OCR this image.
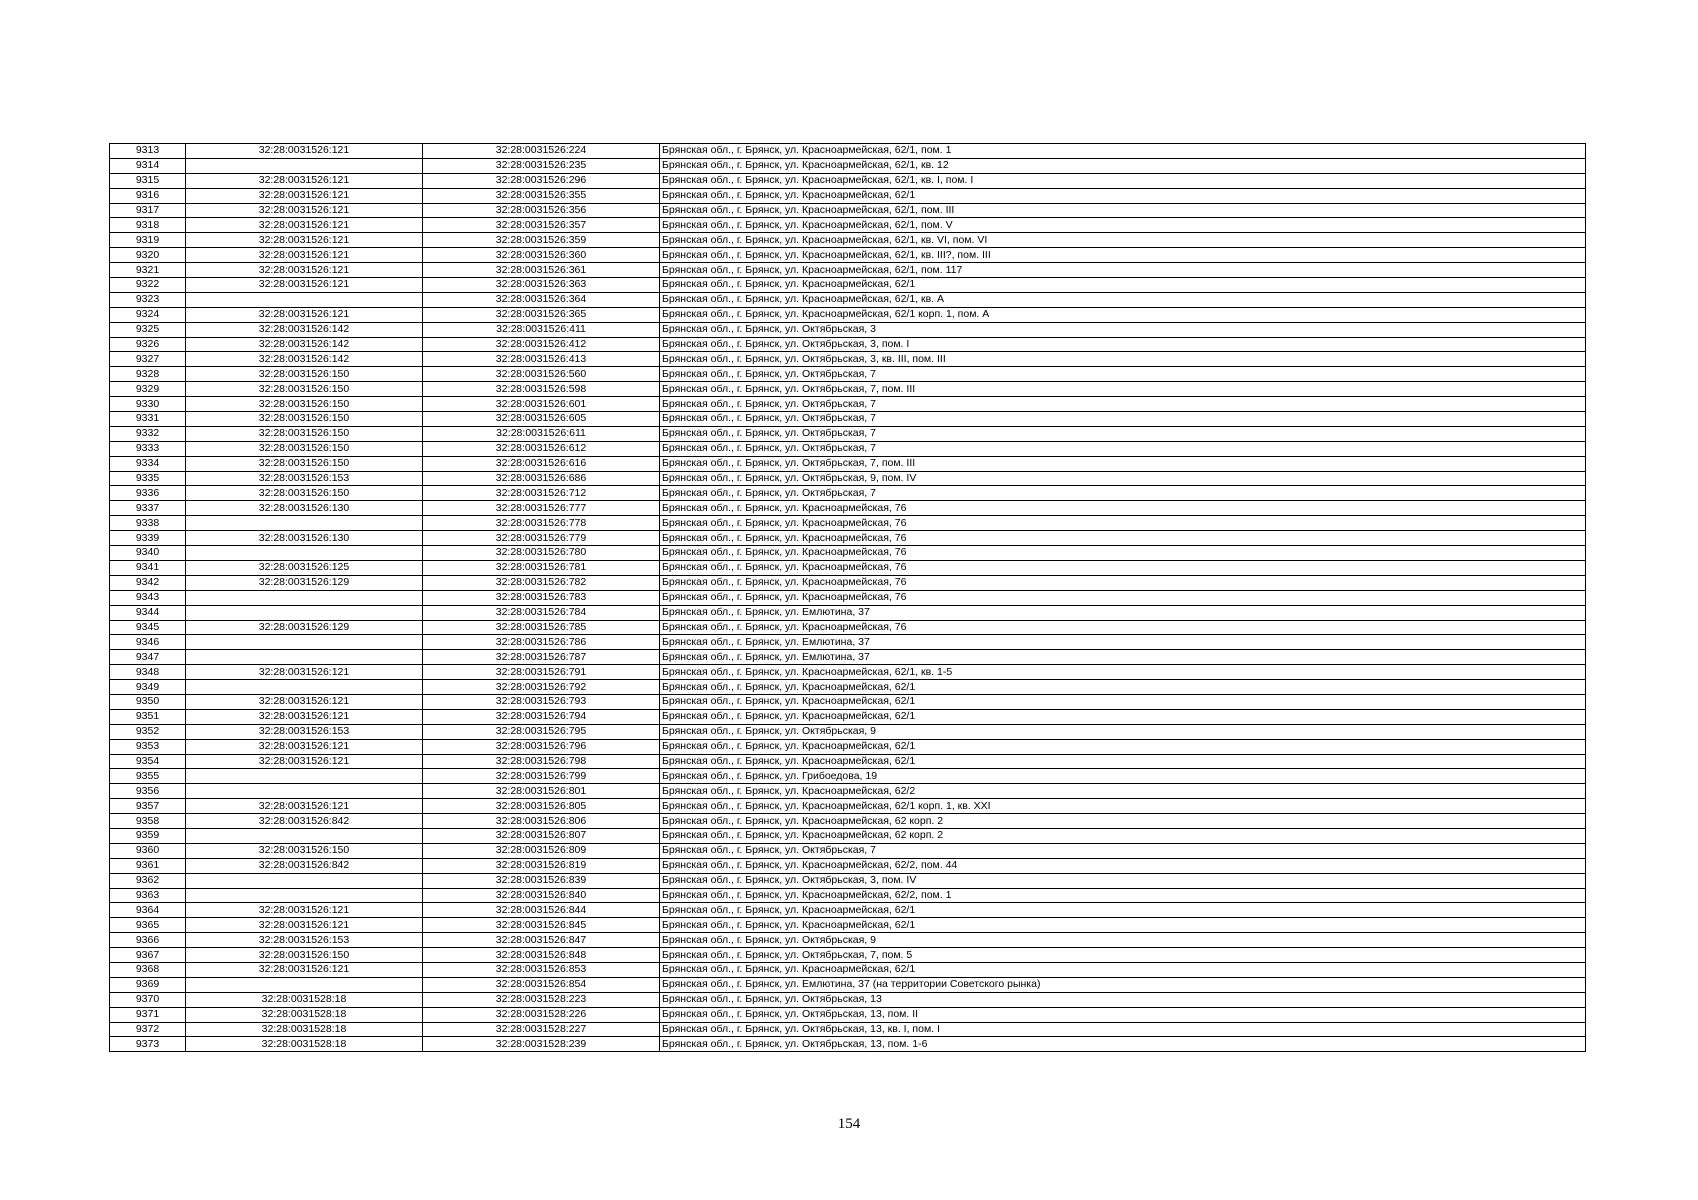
9313	32:28:0031526:121	32:28:0031526:224	Брянская обл., г. Брянск, ул. Красноармейская, 62/1, пом. 1
9314		32:28:0031526:235	Брянская обл., г. Брянск, ул. Красноармейская, 62/1, кв. 12
9315	32:28:0031526:121	32:28:0031526:296	Брянская обл., г. Брянск, ул. Красноармейская, 62/1, кв. I, пом. I
9316	32:28:0031526:121	32:28:0031526:355	Брянская обл., г. Брянск, ул. Красноармейская, 62/1
9317	32:28:0031526:121	32:28:0031526:356	Брянская обл., г. Брянск, ул. Красноармейская, 62/1, пом. III
9318	32:28:0031526:121	32:28:0031526:357	Брянская обл., г. Брянск, ул. Красноармейская, 62/1, пом. V
9319	32:28:0031526:121	32:28:0031526:359	Брянская обл., г. Брянск, ул. Красноармейская, 62/1, кв. VI, пом. VI
9320	32:28:0031526:121	32:28:0031526:360	Брянская обл., г. Брянск, ул. Красноармейская, 62/1, кв. III?, пом. III
9321	32:28:0031526:121	32:28:0031526:361	Брянская обл., г. Брянск, ул. Красноармейская, 62/1, пом. 117
9322	32:28:0031526:121	32:28:0031526:363	Брянская обл., г. Брянск, ул. Красноармейская, 62/1
9323		32:28:0031526:364	Брянская обл., г. Брянск, ул. Красноармейская, 62/1, кв. А
9324	32:28:0031526:121	32:28:0031526:365	Брянская обл., г. Брянск, ул. Красноармейская, 62/1 корп. 1, пом. А
9325	32:28:0031526:142	32:28:0031526:411	Брянская обл., г. Брянск, ул. Октябрьская, 3
9326	32:28:0031526:142	32:28:0031526:412	Брянская обл., г. Брянск, ул. Октябрьская, 3, пом. I
9327	32:28:0031526:142	32:28:0031526:413	Брянская обл., г. Брянск, ул. Октябрьская, 3, кв. III, пом. III
9328	32:28:0031526:150	32:28:0031526:560	Брянская обл., г. Брянск, ул. Октябрьская, 7
9329	32:28:0031526:150	32:28:0031526:598	Брянская обл., г. Брянск, ул. Октябрьская, 7, пом. III
9330	32:28:0031526:150	32:28:0031526:601	Брянская обл., г. Брянск, ул. Октябрьская, 7
9331	32:28:0031526:150	32:28:0031526:605	Брянская обл., г. Брянск, ул. Октябрьская, 7
9332	32:28:0031526:150	32:28:0031526:611	Брянская обл., г. Брянск, ул. Октябрьская, 7
9333	32:28:0031526:150	32:28:0031526:612	Брянская обл., г. Брянск, ул. Октябрьская, 7
9334	32:28:0031526:150	32:28:0031526:616	Брянская обл., г. Брянск, ул. Октябрьская, 7, пом. III
9335	32:28:0031526:153	32:28:0031526:686	Брянская обл., г. Брянск, ул. Октябрьская, 9, пом. IV
9336	32:28:0031526:150	32:28:0031526:712	Брянская обл., г. Брянск, ул. Октябрьская, 7
9337	32:28:0031526:130	32:28:0031526:777	Брянская обл., г. Брянск, ул. Красноармейская, 76
9338		32:28:0031526:778	Брянская обл., г. Брянск, ул. Красноармейская, 76
9339	32:28:0031526:130	32:28:0031526:779	Брянская обл., г. Брянск, ул. Красноармейская, 76
9340		32:28:0031526:780	Брянская обл., г. Брянск, ул. Красноармейская, 76
9341	32:28:0031526:125	32:28:0031526:781	Брянская обл., г. Брянск, ул. Красноармейская, 76
9342	32:28:0031526:129	32:28:0031526:782	Брянская обл., г. Брянск, ул. Красноармейская, 76
9343		32:28:0031526:783	Брянская обл., г. Брянск, ул. Красноармейская, 76
9344		32:28:0031526:784	Брянская обл., г. Брянск, ул. Емлютина, 37
9345	32:28:0031526:129	32:28:0031526:785	Брянская обл., г. Брянск, ул. Красноармейская, 76
9346		32:28:0031526:786	Брянская обл., г. Брянск, ул. Емлютина, 37
9347		32:28:0031526:787	Брянская обл., г. Брянск, ул. Емлютина, 37
9348	32:28:0031526:121	32:28:0031526:791	Брянская обл., г. Брянск, ул. Красноармейская, 62/1, кв. 1-5
9349		32:28:0031526:792	Брянская обл., г. Брянск, ул. Красноармейская, 62/1
9350	32:28:0031526:121	32:28:0031526:793	Брянская обл., г. Брянск, ул. Красноармейская, 62/1
9351	32:28:0031526:121	32:28:0031526:794	Брянская обл., г. Брянск, ул. Красноармейская, 62/1
9352	32:28:0031526:153	32:28:0031526:795	Брянская обл., г. Брянск, ул. Октябрьская, 9
9353	32:28:0031526:121	32:28:0031526:796	Брянская обл., г. Брянск, ул. Красноармейская, 62/1
9354	32:28:0031526:121	32:28:0031526:798	Брянская обл., г. Брянск, ул. Красноармейская, 62/1
9355		32:28:0031526:799	Брянская обл., г. Брянск, ул. Грибоедова, 19
9356		32:28:0031526:801	Брянская обл., г. Брянск, ул. Красноармейская, 62/2
9357	32:28:0031526:121	32:28:0031526:805	Брянская обл., г. Брянск, ул. Красноармейская, 62/1 корп. 1, кв. XXI
9358	32:28:0031526:842	32:28:0031526:806	Брянская обл., г. Брянск, ул. Красноармейская, 62 корп. 2
9359		32:28:0031526:807	Брянская обл., г. Брянск, ул. Красноармейская, 62 корп. 2
9360	32:28:0031526:150	32:28:0031526:809	Брянская обл., г. Брянск, ул. Октябрьская, 7
9361	32:28:0031526:842	32:28:0031526:819	Брянская обл., г. Брянск, ул. Красноармейская, 62/2, пом. 44
9362		32:28:0031526:839	Брянская обл., г. Брянск, ул. Октябрьская, 3, пом. IV
9363		32:28:0031526:840	Брянская обл., г. Брянск, ул. Красноармейская, 62/2, пом. 1
9364	32:28:0031526:121	32:28:0031526:844	Брянская обл., г. Брянск, ул. Красноармейская, 62/1
9365	32:28:0031526:121	32:28:0031526:845	Брянская обл., г. Брянск, ул. Красноармейская, 62/1
9366	32:28:0031526:153	32:28:0031526:847	Брянская обл., г. Брянск, ул. Октябрьская, 9
9367	32:28:0031526:150	32:28:0031526:848	Брянская обл., г. Брянск, ул. Октябрьская, 7, пом. 5
9368	32:28:0031526:121	32:28:0031526:853	Брянская обл., г. Брянск, ул. Красноармейская, 62/1
9369		32:28:0031526:854	Брянская обл., г. Брянск, ул. Емлютина, 37 (на территории Советского рынка)
9370	32:28:0031528:18	32:28:0031528:223	Брянская обл., г. Брянск, ул. Октябрьская, 13
9371	32:28:0031528:18	32:28:0031528:226	Брянская обл., г. Брянск, ул. Октябрьская, 13, пом. II
9372	32:28:0031528:18	32:28:0031528:227	Брянская обл., г. Брянск, ул. Октябрьская, 13, кв. I, пом. I
9373	32:28:0031528:18	32:28:0031528:239	Брянская обл., г. Брянск, ул. Октябрьская, 13, пом. 1-6
154
